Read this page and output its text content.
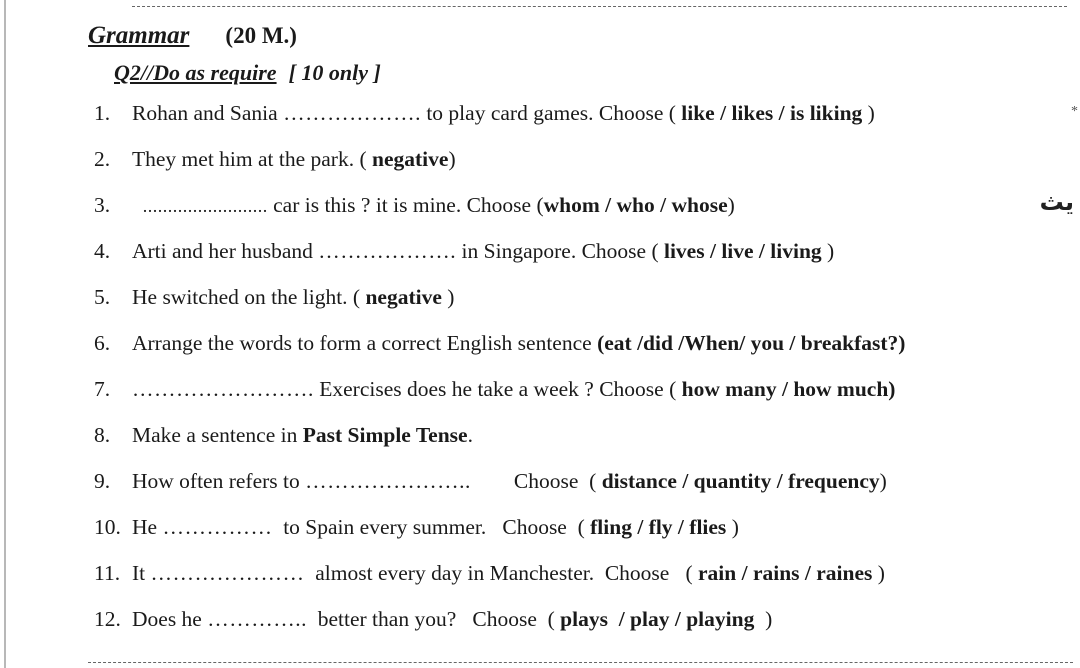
Grammar (20 M.)
Q2//Do as require [ 10 only ]
*
يث
1. Rohan and Sania ………………. to play card games. Choose ( like / likes / is liking )
2. They met him at the park. ( negative)
3. ......................... car is this ? it is mine. Choose (whom / who / whose)
4. Arti and her husband ………………. in Singapore. Choose ( lives / live / living )
5. He switched on the light. ( negative )
6. Arrange the words to form a correct English sentence (eat /did /When/ you / breakfast?)
7. ……………………. Exercises does he take a week ? Choose ( how many / how much)
8. Make a sentence in Past Simple Tense.
9. How often refers to …………………..        Choose  ( distance / quantity / frequency)
10. He ……………  to Spain every summer.   Choose  ( fling / fly / flies )
11. It …………………  almost every day in Manchester.  Choose   ( rain / rains / raines )
12. Does he …………..  better than you?   Choose  ( plays  / play / playing  )
